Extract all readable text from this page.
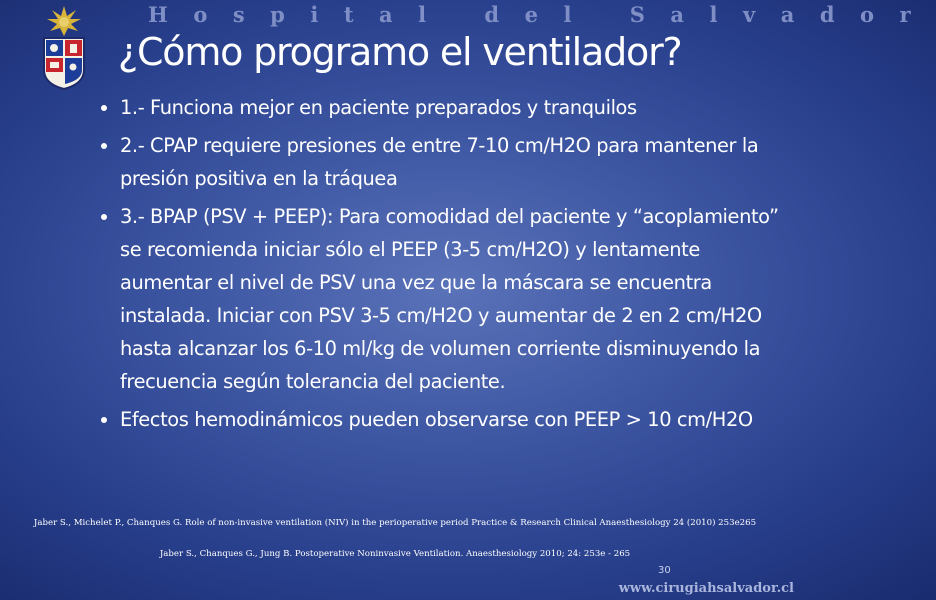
Hospital del Salvador
¿Cómo programo el ventilador?
1.- Funciona mejor en paciente preparados y tranquilos
2.- CPAP requiere presiones de entre 7-10 cm/H2O para mantener la presión positiva en la tráquea
3.- BPAP (PSV + PEEP): Para comodidad del paciente y “acoplamiento” se recomienda iniciar sólo el PEEP (3-5 cm/H2O) y lentamente aumentar el nivel de PSV una vez que la máscara se encuentra instalada. Iniciar con PSV 3-5 cm/H2O y aumentar de 2 en 2 cm/H2O hasta alcanzar los 6-10 ml/kg de volumen corriente disminuyendo la frecuencia según tolerancia del paciente.
Efectos hemodinámicos pueden observarse con PEEP > 10 cm/H2O
Jaber S., Michelet P., Chanques G. Role of non-invasive ventilation (NIV) in the perioperative period Practice & Research Clinical Anaesthesiology 24 (2010) 253e265
Jaber S., Chanques G., Jung B. Postoperative Noninvasive Ventilation. Anaesthesiology 2010; 24: 253e - 265
30
www.cirugiahsalvador.cl
